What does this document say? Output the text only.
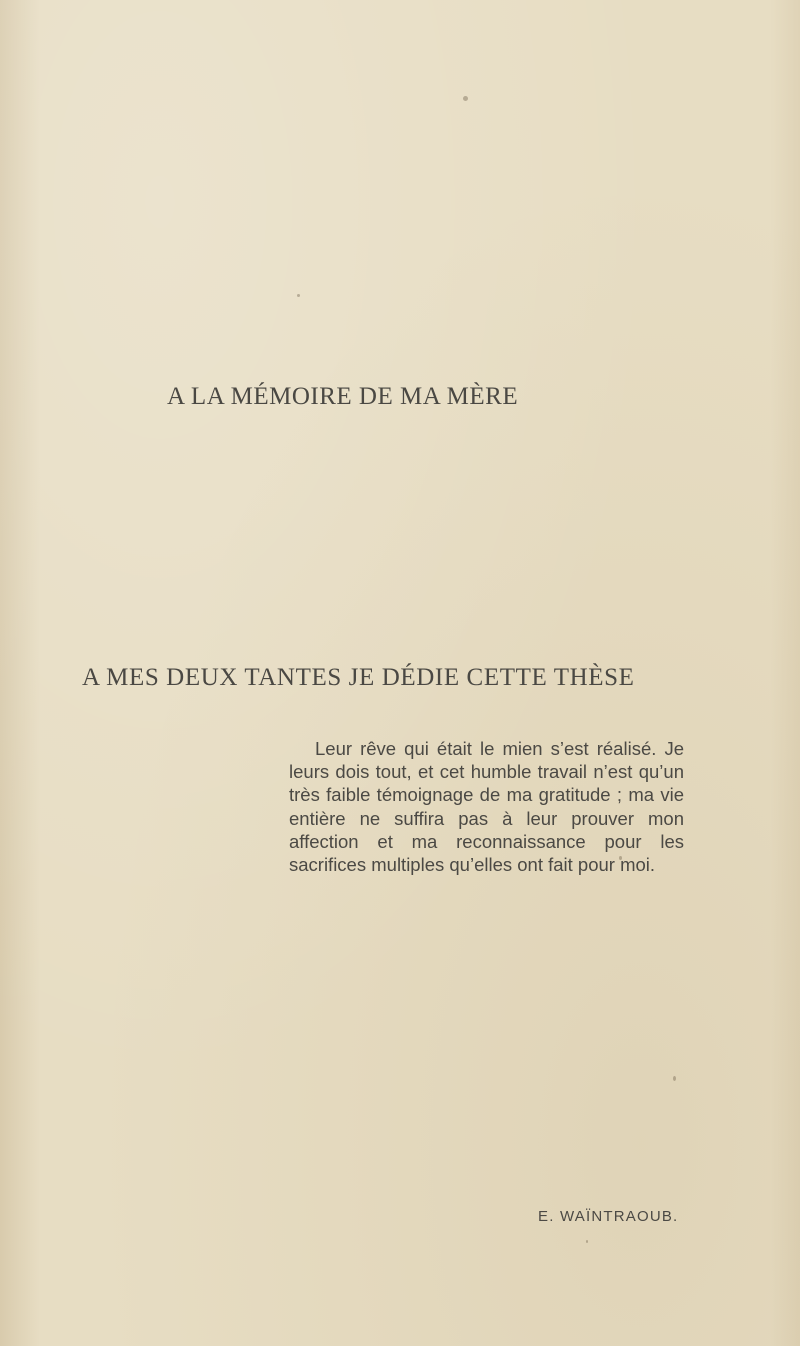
A LA MÉMOIRE DE MA MÈRE
A MES DEUX TANTES JE DÉDIE CETTE THÈSE

Leur rêve qui était le mien s’est réalisé. Je leurs dois tout, et cet humble travail n’est qu’un très faible témoignage de ma gratitude ; ma vie entière ne suffira pas à leur prouver mon affection et ma reconnaissance pour les sacrifices multiples qu’elles ont fait pour moi.

E. WAÏNTRAOUB.
